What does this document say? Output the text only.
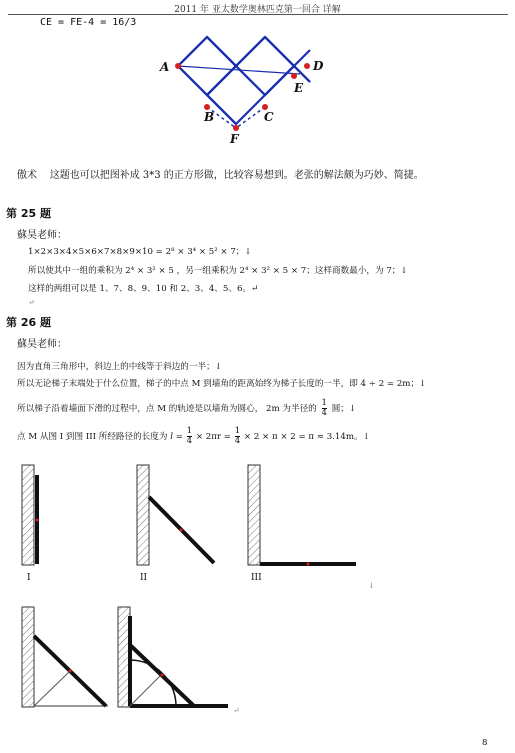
2011 年 亚太数学奥林匹克第一回合 详解
CE = FE-4 = 16/3
A	D
E
B	C
F
傲术 这题也可以把图补成 3*3 的正方形做，比较容易想到。老张的解法颇为巧妙、简捷。
第 25 题
蘇昊老师：
1×2×3×4×5×6×7×8×9×10 = 2⁸ × 3⁴ × 5² × 7；↓
所以使其中一组的乘积为 2⁴ × 3² × 5 ，另一组乘积为 2⁴ × 3² × 5 × 7；这样商数最小，为 7；↓
这样的两组可以是 1、7、8、9、10 和 2、3、4、5、6。↵
↵
第 26 题
蘇昊老师：
因为直角三角形中，斜边上的中线等于斜边的一半；↓
所以无论梯子末端处于什么位置，梯子的中点 M 到墙角的距离始终为梯子长度的一半，即 4 ÷ 2 = 2m；↓
所以梯子沿着墙面下滑的过程中，点 M 的轨迹是以墙角为圆心， 2m 为半径的 $\frac{1}{4}$ 圆；↓
点 M 从图 I 到图 III 所经路径的长度为 $l = \frac{1}{4} \times 2\pi r = \frac{1}{4} \times 2 \times \pi \times 2 = \pi \approx 3.14m$。↓
I	II	III
↓
↵
8
